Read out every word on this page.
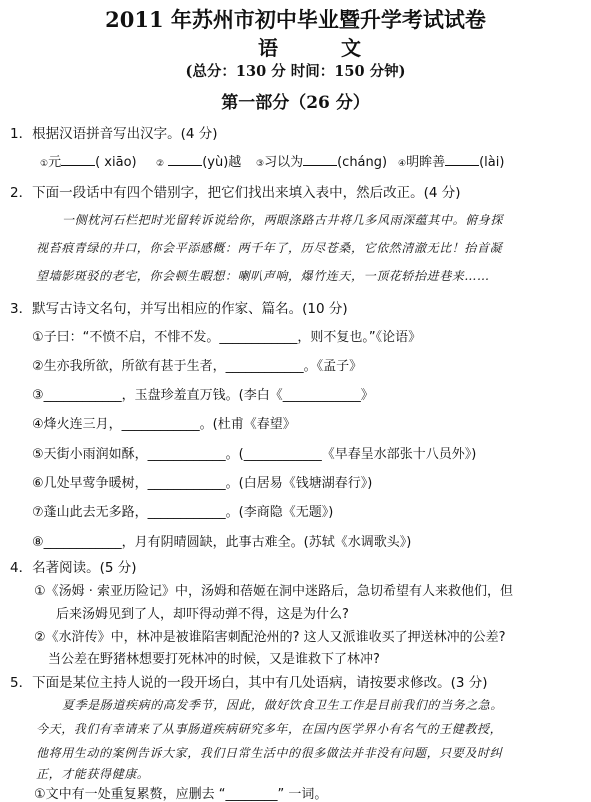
2011 年苏州市初中毕业暨升学考试试卷
语 文
(总分：130 分 时间：150 分钟)
第一部分（26 分）
1．根据汉语拼音写出汉字。(4 分)
①元	( xiāo) ②	(yù)越 ③习以为	(cháng) ④明眸善	(lài)
2．下面一段话中有四个错别字，把它们找出来填入表中，然后改正。(4 分)
一侧枕河石栏把时光留转诉说给你，两眼涤路古井将几多风雨深蕴其中。俯身探
视苔痕青绿的井口，你会平添感概：两千年了，历尽苍桑，它依然清澈无比！抬首凝
望墙影斑驳的老宅，你会顿生暇想：喇叭声响，爆竹连天，一顶花轿抬进巷来……
3．默写古诗文名句，并写出相应的作家、篇名。(10 分)
①子曰：“不愤不启，不悱不发。____________，则不复也。”《论语》
②生亦我所欲，所欲有甚于生者，____________。《孟子》
③____________，玉盘珍羞直万钱。(李白《____________》
④烽火连三月，____________。(杜甫《春望》
⑤天街小雨润如酥，____________。(____________《早春呈水部张十八员外》)
⑥几处早莺争暖树，____________。(白居易《钱塘湖春行》)
⑦蓬山此去无多路，____________。(李商隐《无题》)
⑧____________，月有阴晴圆缺，此事古难全。(苏轼《水调歌头》)
4．名著阅读。(5 分)
①《汤姆 · 索亚历险记》中，汤姆和蓓姬在洞中迷路后，急切希望有人来救他们，但
后来汤姆见到了人，却吓得动弹不得，这是为什么?
②《水浒传》中，林冲是被谁陷害刺配沧州的? 这人又派谁收买了押送林冲的公差?
当公差在野猪林想要打死林冲的时候，又是谁救下了林冲?
5．下面是某位主持人说的一段开场白，其中有几处语病，请按要求修改。(3 分)
夏季是肠道疾病的高发季节，因此，做好饮食卫生工作是目前我们的当务之急。
今天，我们有幸请来了从事肠道疾病研究多年，在国内医学界小有名气的王健教授，
他将用生动的案例告诉大家，我们日常生活中的很多做法并非没有问题，只要及时纠
正，才能获得健康。
①文中有一处重复累赘，应删去 “________” 一词。
